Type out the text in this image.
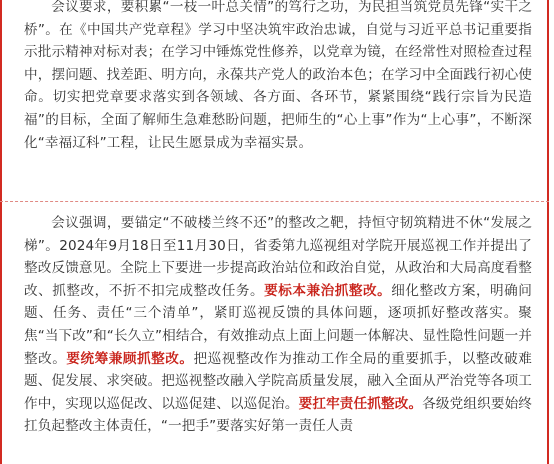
会议要求，要积累“一枝一叶总关情”的笃行之功，为民担当筑党员先锋“实干之桥”。在《中国共产党章程》学习中坚决筑牢政治忠诚，自觉与习近平总书记重要指示批示精神对标对表；在学习中锤炼党性修养，以党章为镜，在经常性对照检查过程中，摆问题、找差距、明方向，永葆共产党人的政治本色；在学习中全面践行初心使命。切实把党章要求落实到各领域、各方面、各环节，紧紧围绕“践行宗旨为民造福”的目标，全面了解师生急难愁盼问题，把师生的“心上事”作为“上心事”，不断深化“幸福辽科”工程，让民生愿景成为幸福实景。

会议强调，要锚定“不破楼兰终不还”的整改之靶，持恒守韧筑精进不休“发展之梯”。2024年9月18日至11月30日，省委第九巡视组对学院开展巡视工作并提出了整改反馈意见。全院上下要进一步提高政治站位和政治自觉，从政治和大局高度看整改、抓整改，不折不扣完成整改任务。要标本兼治抓整改。细化整改方案，明确问题、任务、责任“三个清单”，紧盯巡视反馈的具体问题，逐项抓好整改落实。聚焦“当下改”和“长久立”相结合，有效推动点上面上问题一体解决、显性隐性问题一并整改。要统筹兼顾抓整改。把巡视整改作为推动工作全局的重要抓手，以整改破难题、促发展、求突破。把巡视整改融入学院高质量发展，融入全面从严治党等各项工作中，实现以巡促改、以巡促建、以巡促治。要扛牢责任抓整改。各级党组织要始终扛负起整改主体责任，“一把手”要落实好第一责任人责
